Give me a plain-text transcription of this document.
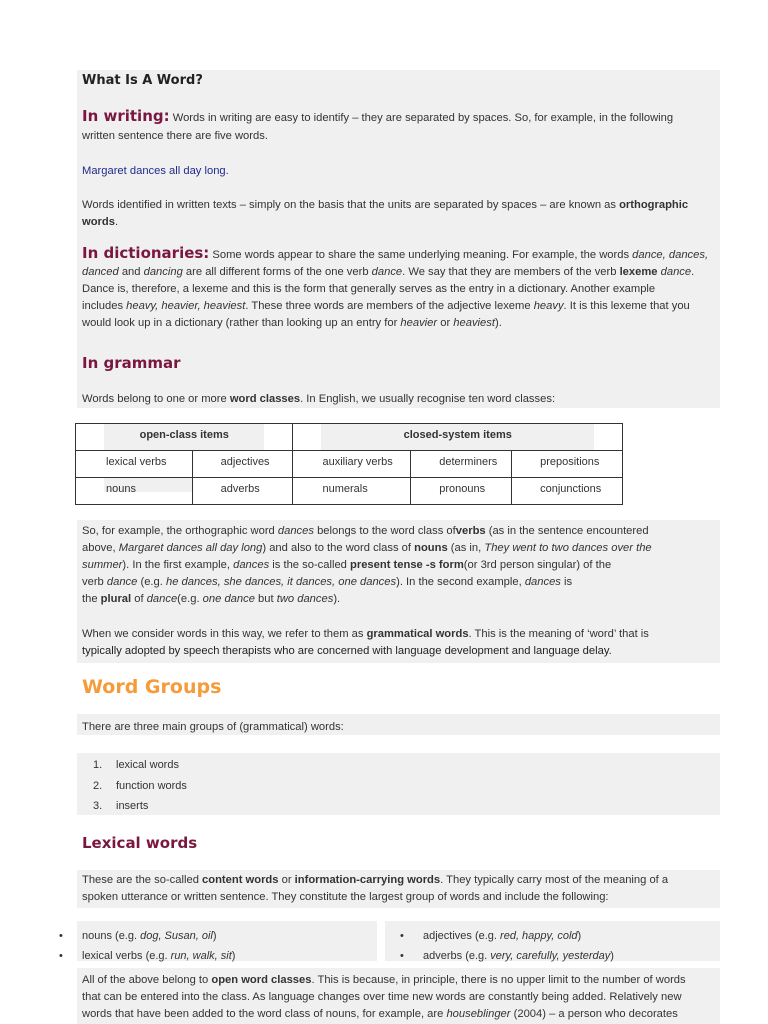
What Is A Word?

In writing: Words in writing are easy to identify – they are separated by spaces. So, for example, in the following

written sentence there are five words.

Margaret dances all day long.

Words identified in written texts – simply on the basis that the units are separated by spaces – are known as orthographic

words.

In dictionaries: Some words appear to share the same underlying meaning. For example, the words dance, dances,

danced and dancing are all different forms of the one verb dance. We say that they are members of the verb lexeme dance.

Dance is, therefore, a lexeme and this is the form that generally serves as the entry in a dictionary. Another example

includes heavy, heavier, heaviest. These three words are members of the adjective lexeme heavy. It is this lexeme that you

would look up in a dictionary (rather than looking up an entry for heavier or heaviest).

In grammar
Words belong to one or more word classes. In English, we usually recognise ten word classes:
open-class items		closed-system items		

lexical verbs	adjectives	auxiliary verbs	determiners	prepositions

nouns	adverbs	numerals	pronouns	conjunctions

So, for example, the orthographic word dances belongs to the word class ofverbs (as in the sentence encountered

above, Margaret dances all day long) and also to the word class of nouns (as in, They went to two dances over the

summer). In the first example, dances is the so-called present tense -s form(or 3rd person singular) of the

verb dance (e.g. he dances, she dances, it dances, one dances). In the second example, dances is

the plural of dance(e.g. one dance but two dances).

When we consider words in this way, we refer to them as grammatical words. This is the meaning of ‘word’ that is

typically adopted by speech therapists who are concerned with language development and language delay.

Word Groups
There are three main groups of (grammatical) words:
1. lexical words
2. function words
3. inserts
Lexical words

These are the so-called content words or information-carrying words. They typically carry most of the meaning of a

spoken utterance or written sentence. They constitute the largest group of words and include the following:

• nouns (e.g. dog, Susan, oil)
• lexical verbs (e.g. run, walk, sit)
• adjectives (e.g. red, happy, cold)
• adverbs (e.g. very, carefully, yesterday)

All of the above belong to open word classes. This is because, in principle, there is no upper limit to the number of words

that can be entered into the class. As language changes over time new words are constantly being added. Relatively new

words that have been added to the word class of nouns, for example, are houseblinger (2004) – a person who decorates
